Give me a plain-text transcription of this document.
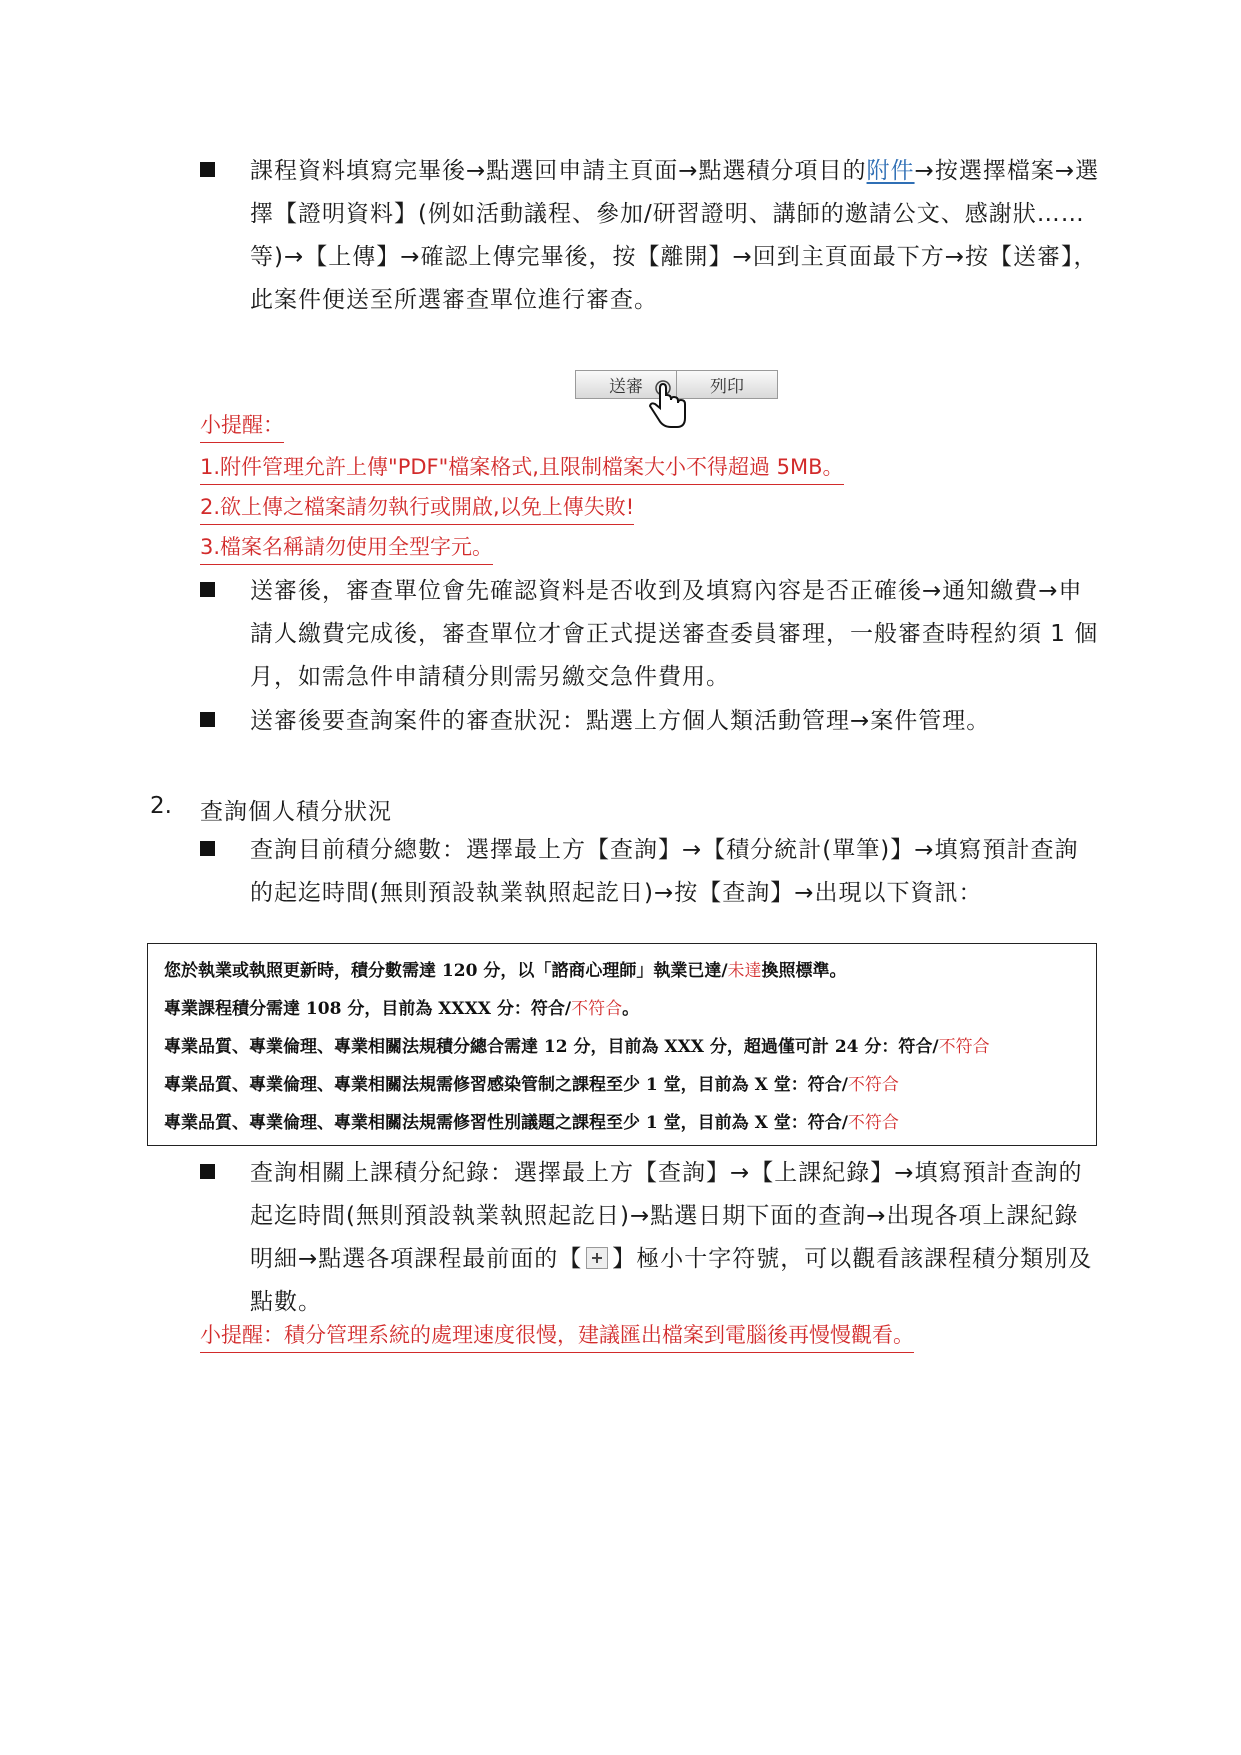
課程資料填寫完畢後→點選回申請主頁面→點選積分項目的附件→按選擇檔案→選擇【證明資料】(例如活動議程、參加/研習證明、講師的邀請公文、感謝狀……等)→【上傳】→確認上傳完畢後，按【離開】→回到主頁面最下方→按【送審】，此案件便送至所選審查單位進行審查。
送審	列印
小提醒：
1.附件管理允許上傳"PDF"檔案格式,且限制檔案大小不得超過 5MB。
2.欲上傳之檔案請勿執行或開啟,以免上傳失敗!
3.檔案名稱請勿使用全型字元。
送審後，審查單位會先確認資料是否收到及填寫內容是否正確後→通知繳費→申請人繳費完成後，審查單位才會正式提送審查委員審理，一般審查時程約須 1 個月，如需急件申請積分則需另繳交急件費用。
送審後要查詢案件的審查狀況：點選上方個人類活動管理→案件管理。
2. 查詢個人積分狀況
查詢目前積分總數：選擇最上方【查詢】→【積分統計(單筆)】→填寫預計查詢的起迄時間(無則預設執業執照起訖日)→按【查詢】→出現以下資訊：
您於執業或執照更新時，積分數需達 120 分，以「諮商心理師」執業已達/未達換照標準。
專業課程積分需達 108 分，目前為 XXXX 分：符合/不符合。
專業品質、專業倫理、專業相關法規積分總合需達 12 分，目前為 XXX 分，超過僅可計 24 分：符合/不符合
專業品質、專業倫理、專業相關法規需修習感染管制之課程至少 1 堂，目前為 X 堂：符合/不符合
專業品質、專業倫理、專業相關法規需修習性別議題之課程至少 1 堂，目前為 X 堂：符合/不符合
查詢相關上課積分紀錄：選擇最上方【查詢】→【上課紀錄】→填寫預計查詢的起迄時間(無則預設執業執照起訖日)→點選日期下面的查詢→出現各項上課紀錄明細→點選各項課程最前面的【 】極小十字符號，可以觀看該課程積分類別及點數。
小提醒：積分管理系統的處理速度很慢，建議匯出檔案到電腦後再慢慢觀看。
